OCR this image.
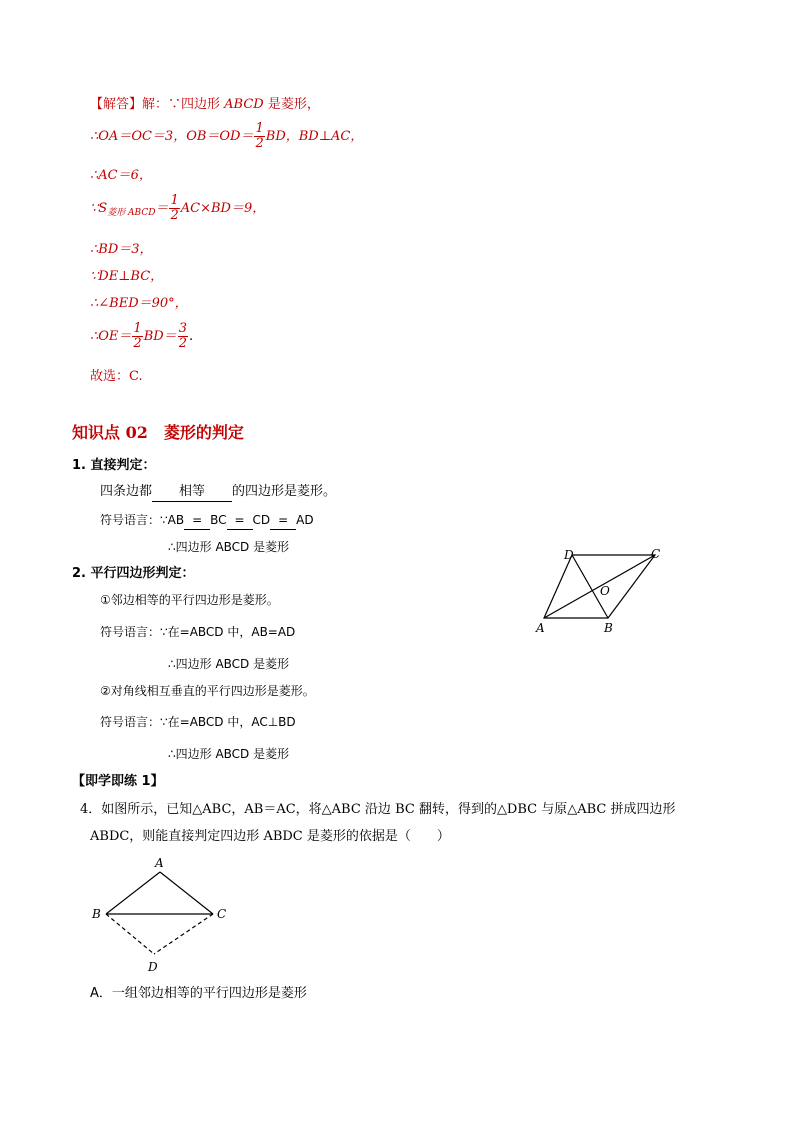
【解答】解：∵四边形 ABCD 是菱形，
∴OA＝OC＝3，$OB=OD= \frac{1}{2}$ BD，BD⊥AC，
∴AC＝6，
$\because S_{菱形 ABCD}= \frac{1}{2} AC\times BD=9$，
∴BD＝3，
∵DE⊥BC，
∴∠BED＝90°，
∴OE＝ $\frac{1}{2} BD= \frac{3}{2}$ .
故选：C.
知识点 02　菱形的判定
1. 直接判定：
四条边都 相等 的四边形是菱形。
符号语言：∵AB = BC = CD = AD
∴四边形 ABCD 是菱形
2. 平行四边形判定：
①邻边相等的平行四边形是菱形。
符号语言：∵在=ABCD 中，AB=AD
∴四边形 ABCD 是菱形
②对角线相互垂直的平行四边形是菱形。
符号语言：∵在=ABCD 中，AC⊥BD
∴四边形 ABCD 是菱形
A	B
C
D
O
【即学即练 1】
4．如图所示，已知△ABC，AB＝AC，将△ABC 沿边 BC 翻转，得到的△DBC 与原△ABC 拼成四边形
ABDC，则能直接判定四边形 ABDC 是菱形的依据是（　　）
A
B	C
D
A．一组邻边相等的平行四边形是菱形
